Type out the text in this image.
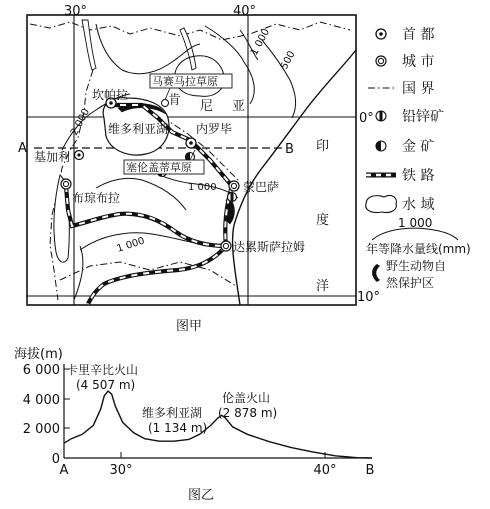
30°	40°
0°
10°
A	B
坎帕拉
内罗毕
蒙巴萨
达累斯萨拉姆
布琼布拉
基加利
肯 尼 亚
维多利亚湖
印
度
洋
马赛马拉草原
塞伦盖蒂草原
1 000
500
2 000
1 000
1 000
图甲
首 都
城 市
国 界
铅锌矿
金 矿
铁 路
水 域
1 000
年等降水量线(mm)
野生动物自
然保护区
海拔(m)
6 000
4 000
2 000
0
30°	40°
A	B
卡里辛比火山
(4 507 m)
维多利亚湖
(1 134 m)
伦盖火山
(2 878 m)
图乙
